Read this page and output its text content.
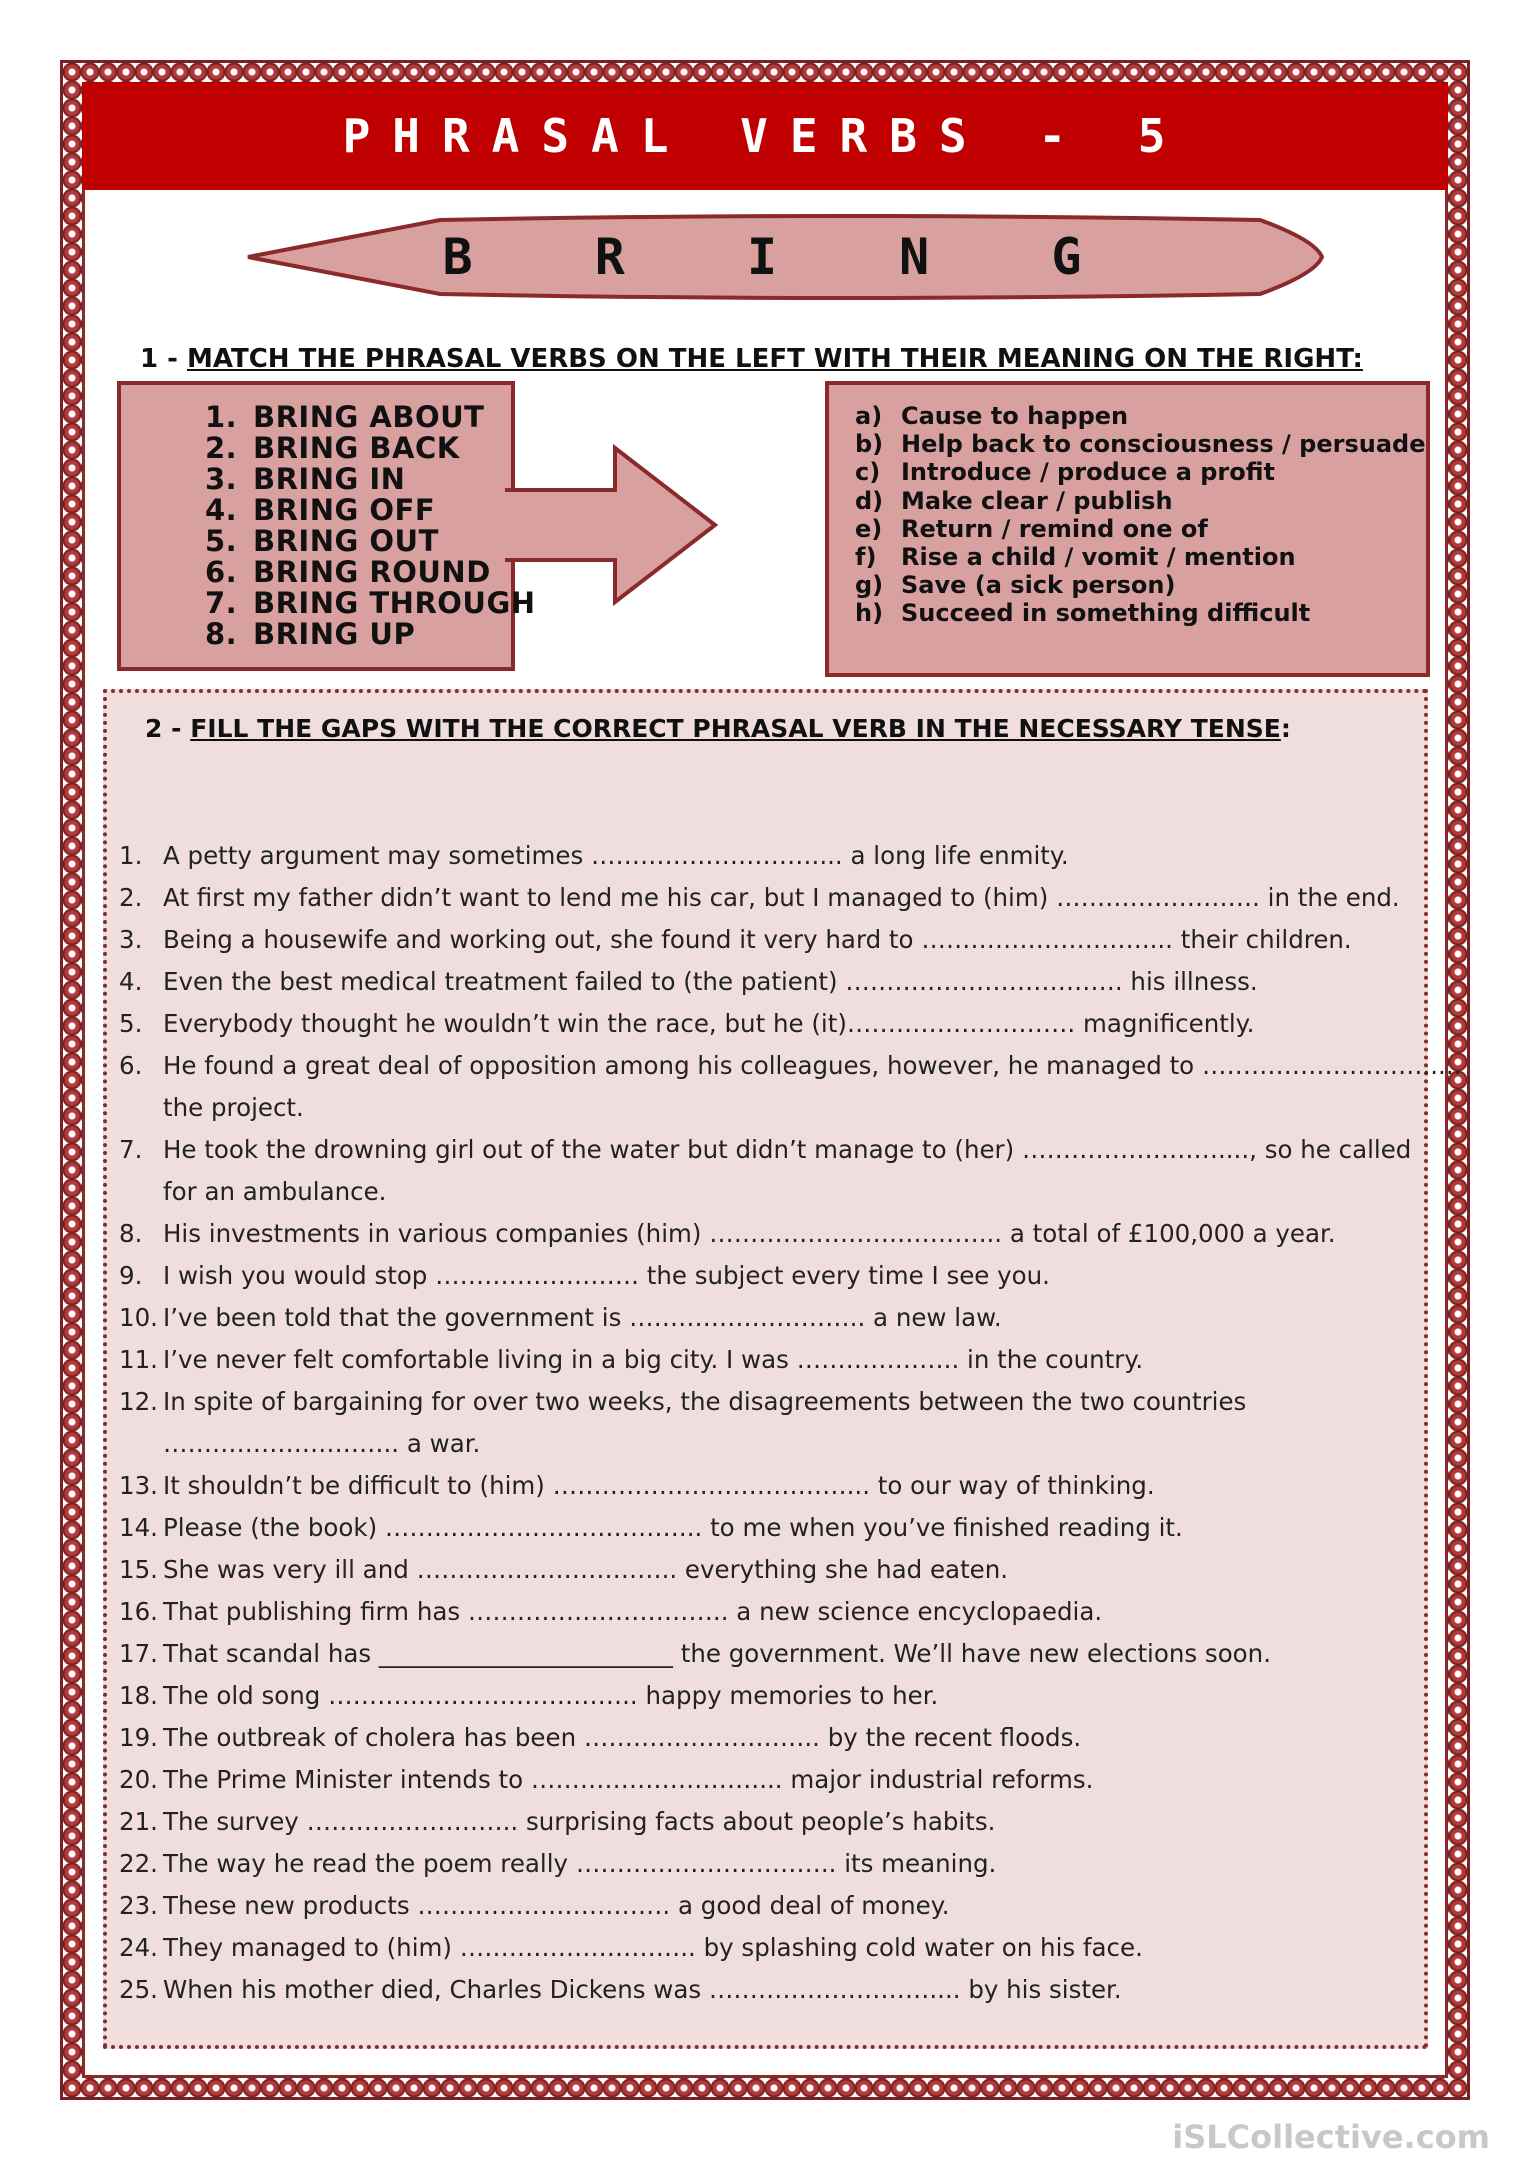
PHRASAL VERBS - 5
B R I N G
1 - MATCH THE PHRASAL VERBS ON THE LEFT WITH THEIR MEANING ON THE RIGHT:
1. BRING ABOUT
2. BRING BACK
3. BRING IN
4. BRING OFF
5. BRING OUT
6. BRING ROUND
7. BRING THROUGH
8. BRING UP
a) Cause to happen
b) Help back to consciousness / persuade
c) Introduce / produce a profit
d) Make clear / publish
e) Return / remind one of
f) Rise a child / vomit / mention
g) Save (a sick person)
h) Succeed in something difficult
2 - FILL THE GAPS WITH THE CORRECT PHRASAL VERB IN THE NECESSARY TENSE:
1. A petty argument may sometimes ……………………….... a long life enmity.
2. At first my father didn’t want to lend me his car, but I managed to (him) ……………………. in the end.
3. Being a housewife and working out, she found it very hard to ……………………….... their children.
4. Even the best medical treatment failed to (the patient) ……………………………. his illness.
5. Everybody thought he wouldn’t win the race, but he (it)………………………. magnificently.
6. He found a great deal of opposition among his colleagues, however, he managed to ……………………….....
the project.
7. He took the drowning girl out of the water but didn’t manage to (her) ……………………...., so he called
for an ambulance.
8. His investments in various companies (him) ……………………………... a total of £100,000 a year.
9. I wish you would stop ……………………. the subject every time I see you.
10. I’ve been told that the government is ……………………….. a new law.
11. I’ve never felt comfortable living in a big city. I was ……………….. in the country.
12. In spite of bargaining for over two weeks, the disagreements between the two countries
……………………….. a war.
13. It shouldn’t be difficult to (him) ………………………………... to our way of thinking.
14. Please (the book) ………………………………... to me when you’ve finished reading it.
15. She was very ill and ………………………….. everything she had eaten.
16. That publishing firm has ………………………….. a new science encyclopaedia.
17. That scandal has ________________________ the government. We’ll have new elections soon.
18. The old song ……………………………….. happy memories to her.
19. The outbreak of cholera has been ……………………….. by the recent floods.
20. The Prime Minister intends to ……………………….... major industrial reforms.
21. The survey …………………….. surprising facts about people’s habits.
22. The way he read the poem really ………………………….. its meaning.
23. These new products …………………………. a good deal of money.
24. They managed to (him) ……………………….. by splashing cold water on his face.
25. When his mother died, Charles Dickens was ……………………….... by his sister.
iSLCollective.com
